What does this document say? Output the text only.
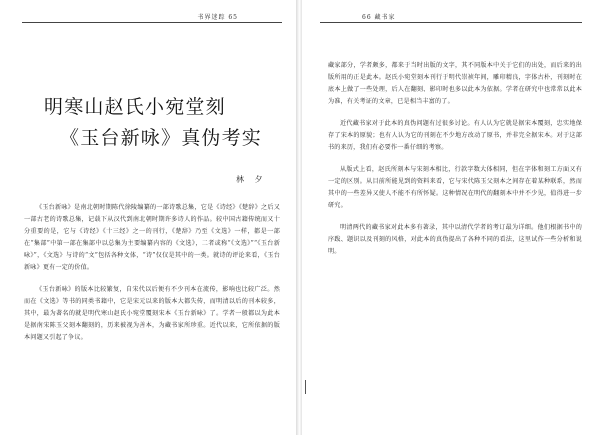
书界迷踪 65
明寒山赵氏小宛堂刻
《玉台新咏》真伪考实
林 夕

《玉台新咏》是南北朝时期陈代徐陵编纂的一部诗歌总集，它是《诗经》《楚辞》之后又一部古老的诗歌总集，记载下从汉代到南北朝时期许多诗人的作品。较中国古籍传统而又十分重要的是，它与《诗经》《十三经》之一的刊行，《楚辞》乃至《文选》一样，都是一部在“集部”中第一部在集部中以总集为主要编纂内容的《文选》，二者或称“《文选》”“《玉台新咏》”，《文选》与诗的“文”包括各种文体，“诗”仅仅是其中的一类。就诗的评论来看，《玉台新咏》更有一定的价值。

《玉台新咏》的版本比较繁复，自宋代以后便有不少刊本在流传，影响也比较广泛。然而在《文选》等书的同类书籍中，它是宋元以来的版本大都失传，而明清以后的刊本较多，其中，最为著名的就是明代寒山赵氏小宛堂覆刻宋本《玉台新咏》了。学者一般都以为此本是据南宋陈玉父刻本翻刻的，历来被视为善本，为藏书家所珍重。近代以来，它所依据的版本问题又引起了争议。

66 藏书家

藏家部分，学者颇多，都来于当时出版的文字，其不同版本中关于它们的出处，而后来的出版所用的正是此本。赵氏小宛堂刻本刊行于明代崇祯年间，雕印精良，字体古朴，刊刻时在底本上做了一些处理，后人在翻刻、影印时也多以此本为依据。学者在研究中也常常以此本为准，有关考证的文章，已是相当丰富的了。

近代藏书家对于此本的真伪问题有过很多讨论。有人认为它就是据宋本覆刻，忠实地保存了宋本的原貌；也有人认为它的刊刻在不少地方改动了原书，并非完全据宋本。对于这部书的来历，我们有必要作一番仔细的考察。

从版式上看，赵氏所刻本与宋刻本相比，行款字数大体相同，但在字体和刻工方面又有一定的区别。从目前所能见到的资料来看，它与宋代陈玉父刻本之间存在着某种联系，然而其中的一些差异又使人不能不有所怀疑。这种情况在明代的翻刻本中并不少见，值得进一步研究。

明清两代的藏书家对此本多有著录，其中以清代学者的考订最为详细。他们根据书中的序跋、题识以及刊刻的风格，对此本的真伪提出了各种不同的看法，这里试作一些分析和说明。
